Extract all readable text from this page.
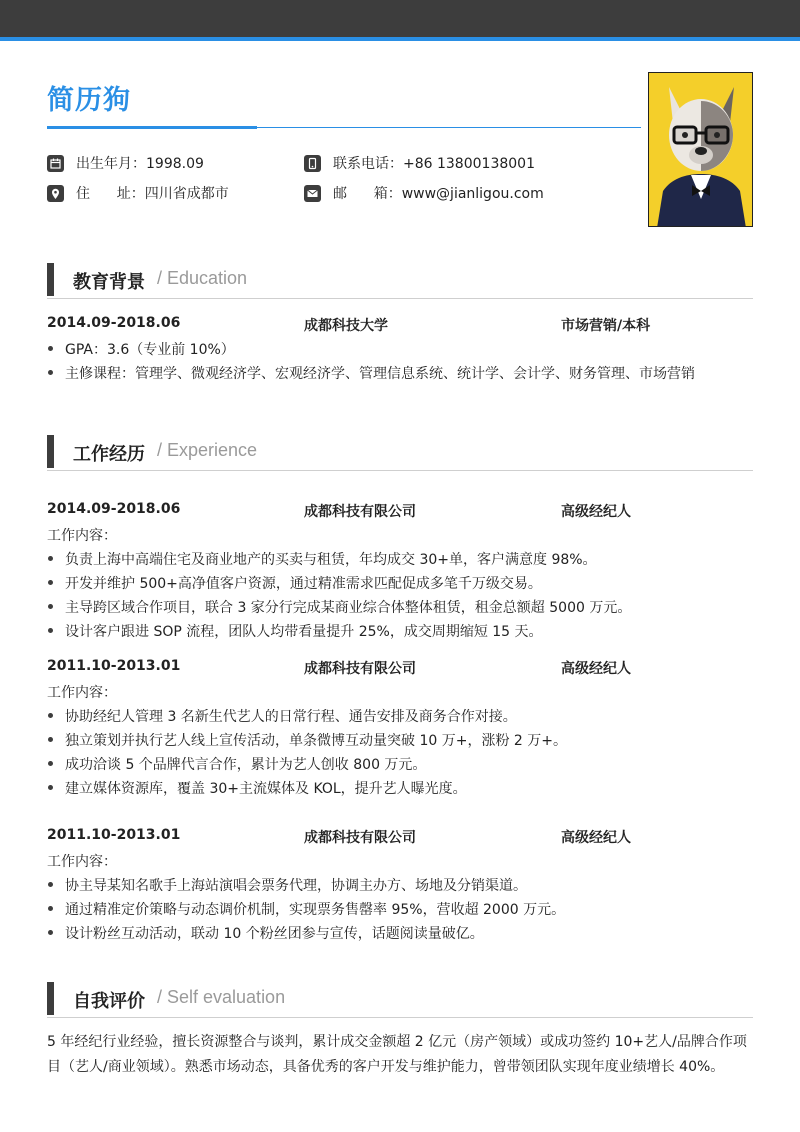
简历狗
出生年月：1998.09	联系电话：+86 13800138001
住      址：四川省成都市	邮      箱：www@jianligou.com
教育背景 / Education
2014.09-2018.06	成都科技大学	市场营销/本科
GPA：3.6（专业前 10%）
主修课程：管理学、微观经济学、宏观经济学、管理信息系统、统计学、会计学、财务管理、市场营销
工作经历 / Experience
2014.09-2018.06	成都科技有限公司	高级经纪人
工作内容：
负责上海中高端住宅及商业地产的买卖与租赁，年均成交 30+单，客户满意度 98%。
开发并维护 500+高净值客户资源，通过精准需求匹配促成多笔千万级交易。
主导跨区域合作项目，联合 3 家分行完成某商业综合体整体租赁，租金总额超 5000 万元。
设计客户跟进 SOP 流程，团队人均带看量提升 25%，成交周期缩短 15 天。
2011.10-2013.01	成都科技有限公司	高级经纪人
工作内容：
协助经纪人管理 3 名新生代艺人的日常行程、通告安排及商务合作对接。
独立策划并执行艺人线上宣传活动，单条微博互动量突破 10 万+，涨粉 2 万+。
成功洽谈 5 个品牌代言合作，累计为艺人创收 800 万元。
建立媒体资源库，覆盖 30+主流媒体及 KOL，提升艺人曝光度。
2011.10-2013.01	成都科技有限公司	高级经纪人
工作内容：
协主导某知名歌手上海站演唱会票务代理，协调主办方、场地及分销渠道。
通过精准定价策略与动态调价机制，实现票务售罄率 95%，营收超 2000 万元。
设计粉丝互动活动，联动 10 个粉丝团参与宣传，话题阅读量破亿。
自我评价 / Self evaluation
5 年经纪行业经验，擅长资源整合与谈判，累计成交金额超 2 亿元（房产领域）或成功签约 10+艺人/品牌合作项目（艺人/商业领域）。熟悉市场动态，具备优秀的客户开发与维护能力，曾带领团队实现年度业绩增长 40%。
